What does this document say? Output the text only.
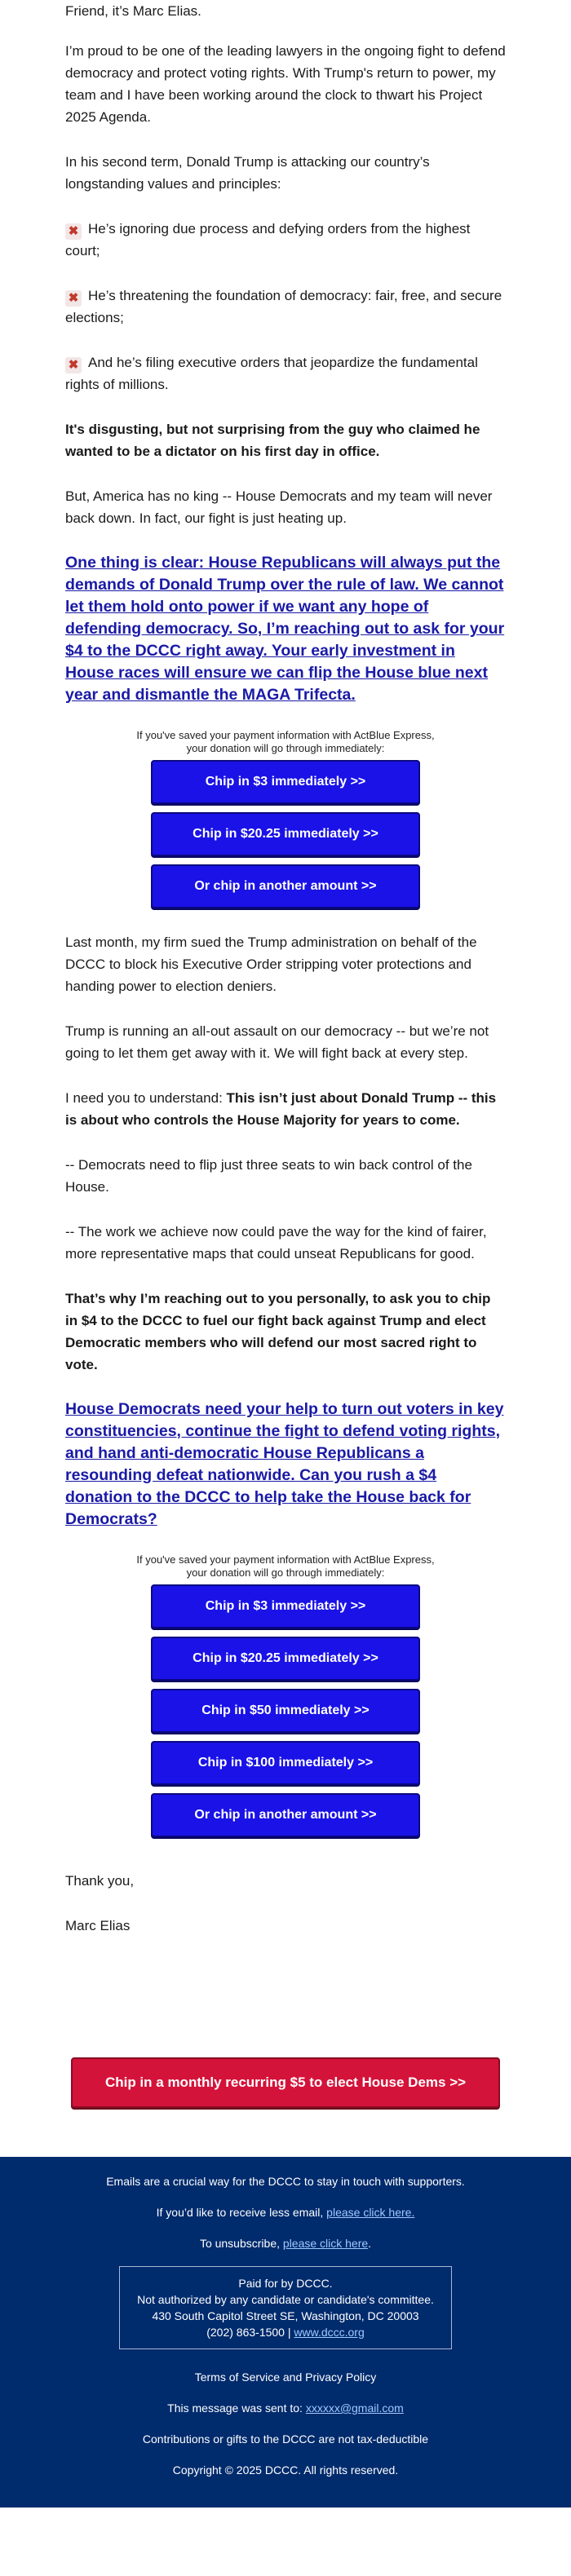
Friend, it’s Marc Elias.

I’m proud to be one of the leading lawyers in the ongoing fight to defend democracy and protect voting rights. With Trump's return to power, my team and I have been working around the clock to thwart his Project 2025 Agenda.

In his second term, Donald Trump is attacking our country’s longstanding values and principles:

✖ He’s ignoring due process and defying orders from the highest court;

✖ He’s threatening the foundation of democracy: fair, free, and secure elections;

✖ And he’s filing executive orders that jeopardize the fundamental rights of millions.

It's disgusting, but not surprising from the guy who claimed he wanted to be a dictator on his first day in office.

But, America has no king -- House Democrats and my team will never back down. In fact, our fight is just heating up.

One thing is clear: House Republicans will always put the demands of Donald Trump over the rule of law. We cannot let them hold onto power if we want any hope of defending democracy. So, I’m reaching out to ask for your $4 to the DCCC right away. Your early investment in House races will ensure we can flip the House blue next year and dismantle the MAGA Trifecta.
If you've saved your payment information with ActBlue Express,
your donation will go through immediately:
Chip in $3 immediately >>
Chip in $20.25 immediately >>
Or chip in another amount >>

Last month, my firm sued the Trump administration on behalf of the DCCC to block his Executive Order stripping voter protections and handing power to election deniers.

Trump is running an all-out assault on our democracy -- but we’re not going to let them get away with it. We will fight back at every step.

I need you to understand: This isn’t just about Donald Trump -- this is about who controls the House Majority for years to come.

-- Democrats need to flip just three seats to win back control of the House.

-- The work we achieve now could pave the way for the kind of fairer, more representative maps that could unseat Republicans for good.

That’s why I’m reaching out to you personally, to ask you to chip in $4 to the DCCC to fuel our fight back against Trump and elect Democratic members who will defend our most sacred right to vote.

House Democrats need your help to turn out voters in key constituencies, continue the fight to defend voting rights, and hand anti-democratic House Republicans a resounding defeat nationwide. Can you rush a $4 donation to the DCCC to help take the House back for Democrats?
If you've saved your payment information with ActBlue Express,
your donation will go through immediately:
Chip in $3 immediately >>
Chip in $20.25 immediately >>
Chip in $50 immediately >>
Chip in $100 immediately >>
Or chip in another amount >>

Thank you,

Marc Elias

Chip in a monthly recurring $5 to elect House Dems >>

Emails are a crucial way for the DCCC to stay in touch with supporters.

If you’d like to receive less email, please click here.

To unsubscribe, please click here.

Paid for by DCCC.
Not authorized by any candidate or candidate's committee.
430 South Capitol Street SE, Washington, DC 20003
(202) 863-1500 | www.dccc.org

Terms of Service and Privacy Policy

This message was sent to: xxxxxx@gmail.com

Contributions or gifts to the DCCC are not tax-deductible

Copyright © 2025 DCCC. All rights reserved.
